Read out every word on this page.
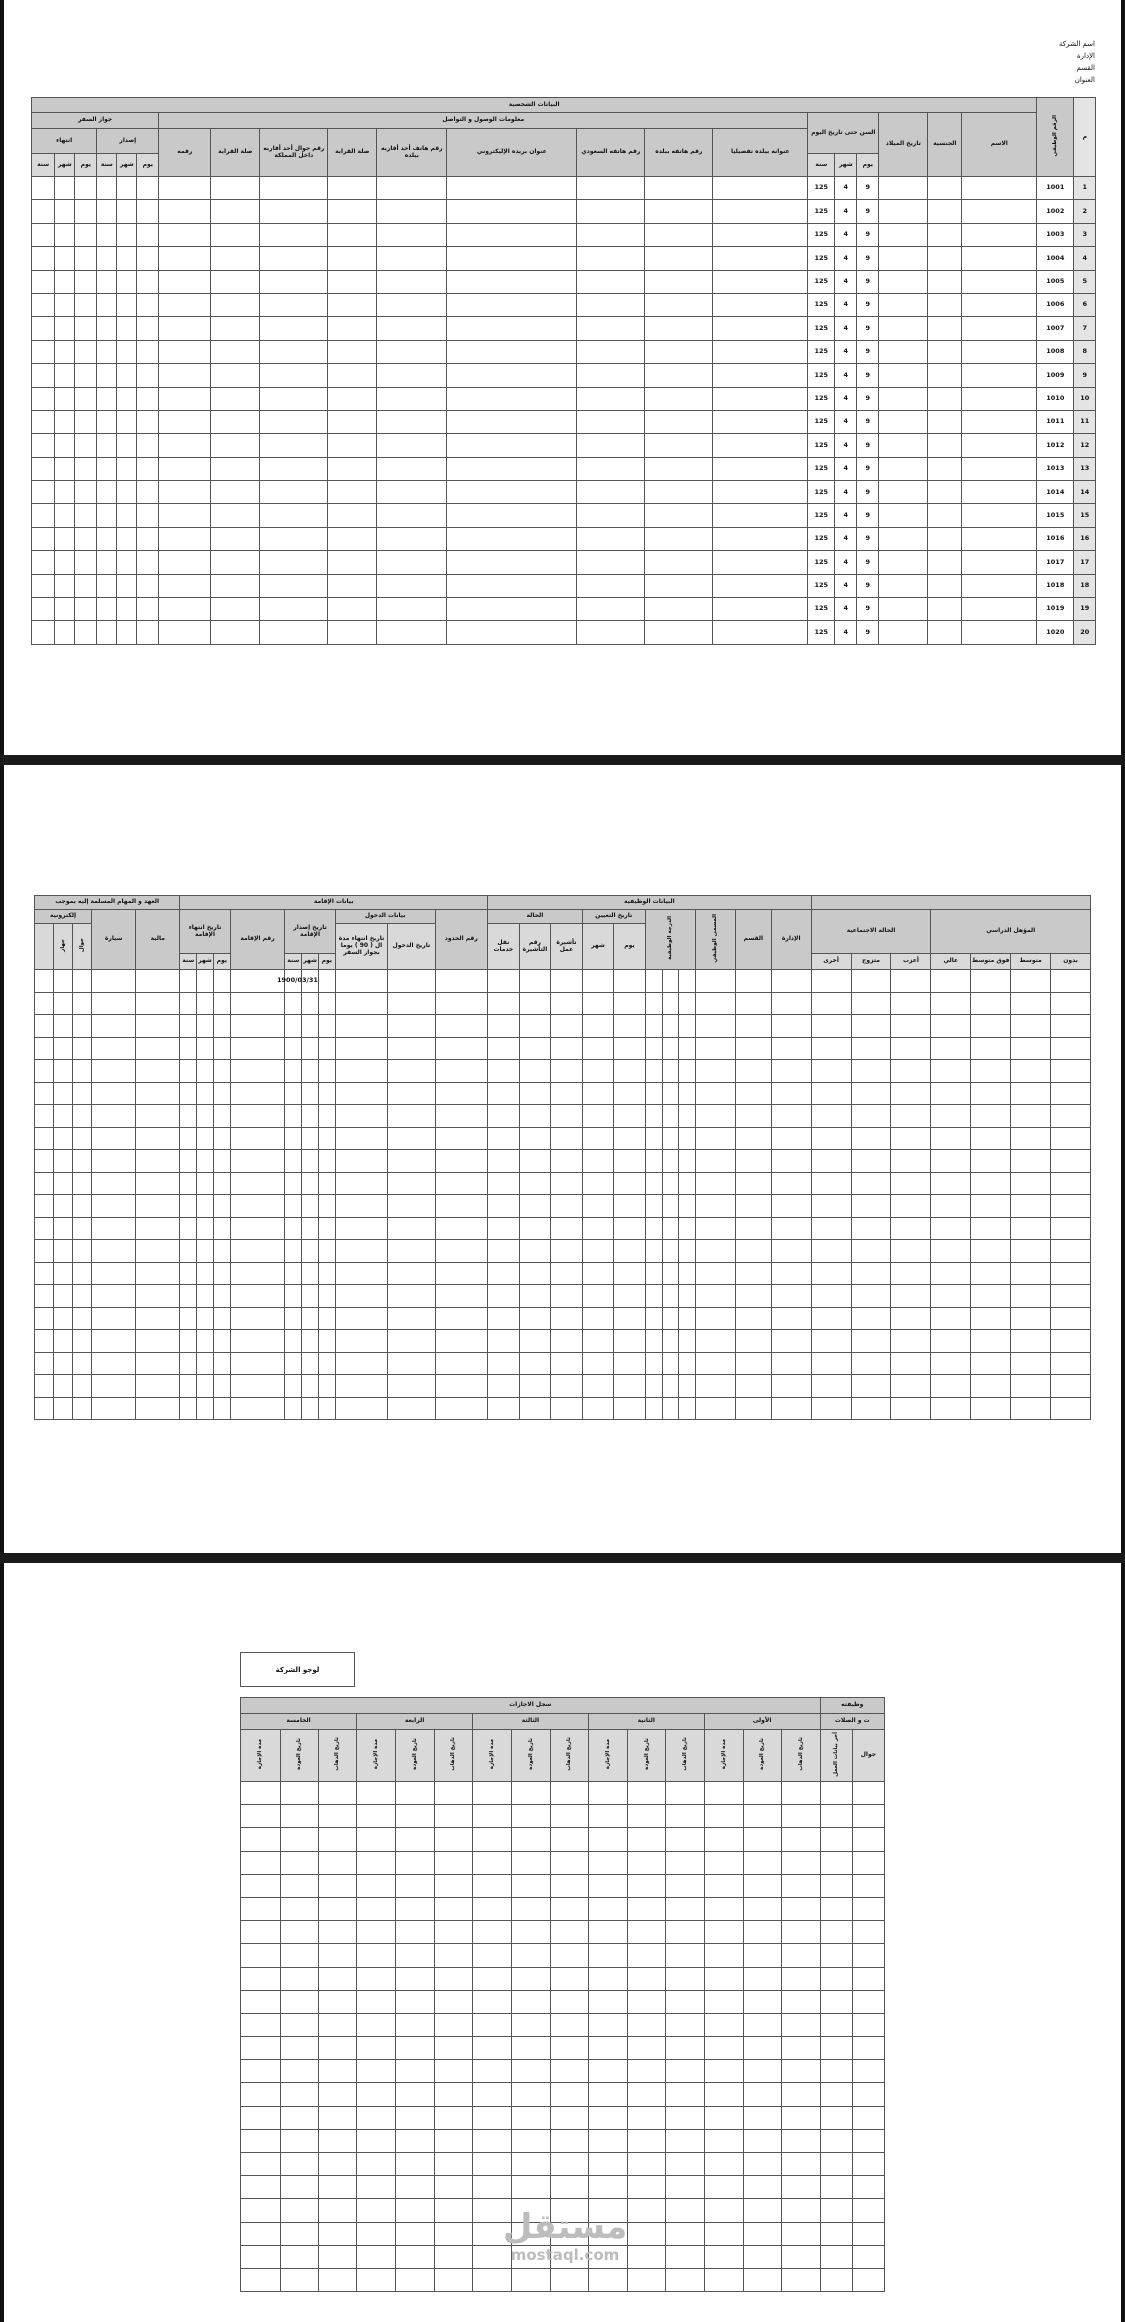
اسم الشركة
الإدارة
القسم
العنوان
م	الرقم الوظيفي	البيانات الشخصية																				
		الاسم	الجنسية	تاريخ الميلاد	السن حتى تاريخ اليوم			معلومات الوصول و التواصل									جواز السفر					
								عنوانه بيلده تفصيليا	رقم هاتفه ببلده	رقم هاتفه السعودي	عنوان بريده الإليكتروني	رقم هاتف أحد أقاربه ببلده	صلة القرابة	رقم جوال أحد أقاربه داخل المملكة	صلة القرابة	رقمه	إصدار			انتهاء		
					يوم	شهر	سنة										يوم	شهر	سنة	يوم	شهر	سنة
1	1001				9	4	125															
2	1002				9	4	125															
3	1003				9	4	125															
4	1004				9	4	125															
5	1005				9	4	125															
6	1006				9	4	125															
7	1007				9	4	125															
8	1008				9	4	125															
9	1009				9	4	125															
10	1010				9	4	125															
11	1011				9	4	125															
12	1012				9	4	125															
13	1013				9	4	125															
14	1014				9	4	125															
15	1015				9	4	125															
16	1016				9	4	125															
17	1017				9	4	125															
18	1018				9	4	125															
19	1019				9	4	125															
20	1020				9	4	125															
							البيانات الوظيفية											بيانات الإقامة										العهد و المهام المسلمة إليه بموجب				
المؤهل الدراسي				الحالة الاجتماعية			الإدارة	القسم	المسمى الوظيفي	الدرجة الوظيفية			تاريخ التعيين		الحالة			رقم الحدود	بيانات الدخول		تاريخ إصدار الإقامة			رقم الإقامة	تاريخ انتهاء الإقامة			مالية	سيارة	إلكترونية		
													يوم	شهر	تأشيرة عمل	رقم التأشيرة	نقل خدمات		تاريخ الدخول	تاريخ انتهاء مدة ال ( 90 ) يوما بجواز السفر										جوال	جهاز	
بدون	متوسط	فوق متوسط	عالي	أعزب	متزوج	أخرى															يوم	شهر	سنة		يوم	شهر	سنة					
																						1900/03/31										

لوجو الشركة
وظيفته		سجل الاجازات														
ت و الصلات		الأولى			الثانية			الثالثة			الرابعة			الخامسة		
جوال	آخر بيانات العمل	تاريخ الذهاب	تاريخ العودة	مدة الإجازة	تاريخ الذهاب	تاريخ العودة	مدة الإجازة	تاريخ الذهاب	تاريخ العودة	مدة الإجازة	تاريخ الذهاب	تاريخ العودة	مدة الإجازة	تاريخ الذهاب	تاريخ العودة	مدة الإجازة

مستقل
mostaql.com
